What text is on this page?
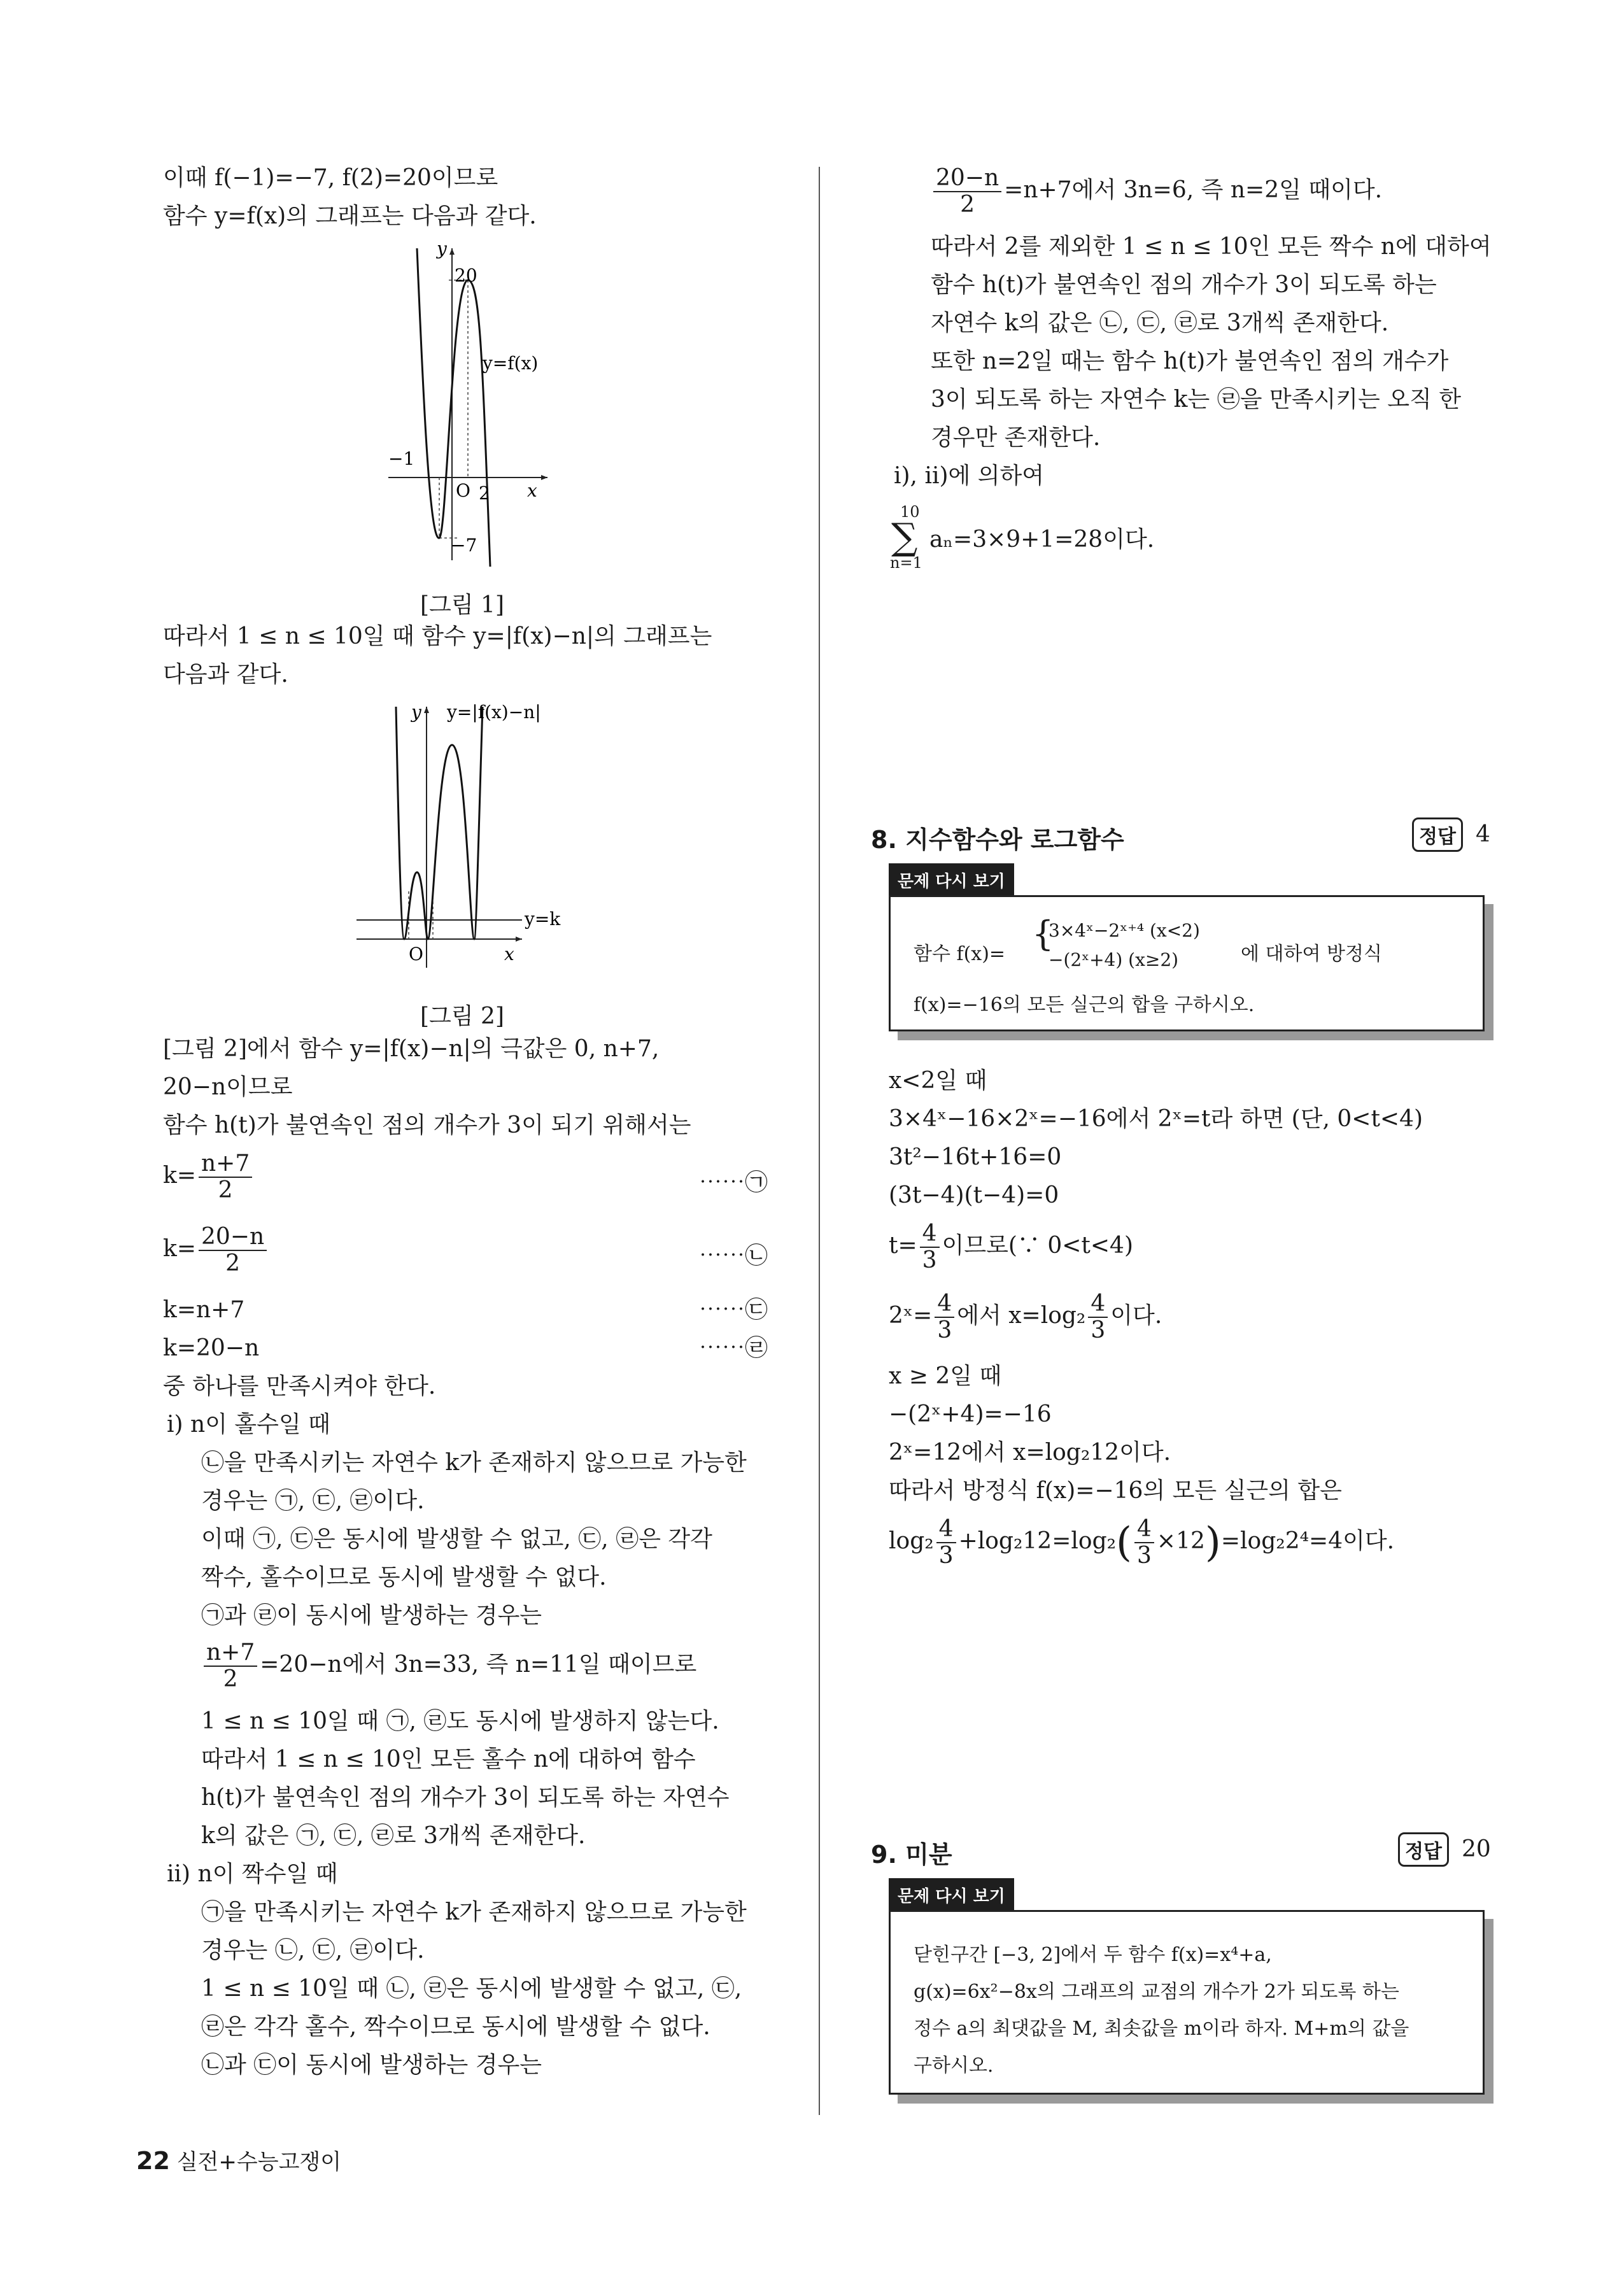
이때 f(−1)=−7, f(2)=20이므로
함수 y=f(x)의 그래프는 다음과 같다.
y
20
y=f(x)
−1
O 2 x
−7
[그림 1]
따라서 1 ≤ n ≤ 10일 때 함수 y=|f(x)−n|의 그래프는
다음과 같다.
y y=|f(x)−n|
y=k
O	x
[그림 2]
[그림 2]에서 함수 y=|f(x)−n|의 극값은 0, n+7,
20−n이므로
함수 h(t)가 불연속인 점의 개수가 3이 되기 위해서는
$k= \frac{n+7}{2}$	⋯⋯㉠
$k= \frac{20-n}{2}$	⋯⋯㉡
k=n+7	⋯⋯㉢
k=20−n	⋯⋯㉣
중 하나를 만족시켜야 한다.
ⅰ) n이 홀수일 때
㉡을 만족시키는 자연수 k가 존재하지 않으므로 가능한
경우는 ㉠, ㉢, ㉣이다.
이때 ㉠, ㉢은 동시에 발생할 수 없고, ㉢, ㉣은 각각
짝수, 홀수이므로 동시에 발생할 수 없다.
㉠과 ㉣이 동시에 발생하는 경우는
$\frac{n+7}{2} =20-n$에서 3n=33, 즉 n=11일 때이므로
1 ≤ n ≤ 10일 때 ㉠, ㉣도 동시에 발생하지 않는다.
따라서 1 ≤ n ≤ 10인 모든 홀수 n에 대하여 함수
h(t)가 불연속인 점의 개수가 3이 되도록 하는 자연수
k의 값은 ㉠, ㉢, ㉣로 3개씩 존재한다.
ⅱ) n이 짝수일 때
㉠을 만족시키는 자연수 k가 존재하지 않으므로 가능한
경우는 ㉡, ㉢, ㉣이다.
1 ≤ n ≤ 10일 때 ㉡, ㉣은 동시에 발생할 수 없고, ㉢,
㉣은 각각 홀수, 짝수이므로 동시에 발생할 수 없다.
㉡과 ㉢이 동시에 발생하는 경우는
$\frac{20-n}{2} =n+7$에서 3n=6, 즉 n=2일 때이다.
따라서 2를 제외한 1 ≤ n ≤ 10인 모든 짝수 n에 대하여
함수 h(t)가 불연속인 점의 개수가 3이 되도록 하는
자연수 k의 값은 ㉡, ㉢, ㉣로 3개씩 존재한다.
또한 n=2일 때는 함수 h(t)가 불연속인 점의 개수가
3이 되도록 하는 자연수 k는 ㉣을 만족시키는 오직 한
경우만 존재한다.
ⅰ), ⅱ)에 의하여
10
∑
n=1
aₙ=3×9+1=28이다.
8. 지수함수와 로그함수	정답 4
문제 다시 보기
함수 f(x)=
{
3×4ˣ−2ˣ⁺⁴ (x<2)
−(2ˣ+4) (x≥2)	에 대하여 방정식
f(x)=−16의 모든 실근의 합을 구하시오.
x<2일 때
3×4ˣ−16×2ˣ=−16에서 2ˣ=t라 하면 (단, 0<t<4)
3t²−16t+16=0
(3t−4)(t−4)=0
$t= \frac{4}{3}$ 이므로(∵ 0<t<4)
2ˣ= $\frac{4}{3}$ 에서 $x=\log_2 \frac{4}{3}$ 이다.
x ≥ 2일 때
−(2ˣ+4)=−16
2ˣ=12에서 x=log₂12이다.
따라서 방정식 f(x)=−16의 모든 실근의 합은
$\log_2 \frac{4}{3} +\log_212=\log_2( \frac{4}{3} \times 12)=\log_22^4=4$이다.
9. 미분	정답 20
문제 다시 보기
닫힌구간 [−3, 2]에서 두 함수 f(x)=x⁴+a,
g(x)=6x²−8x의 그래프의 교점의 개수가 2가 되도록 하는
정수 a의 최댓값을 M, 최솟값을 m이라 하자. M+m의 값을
구하시오.
22 실전+수능고쟁이
